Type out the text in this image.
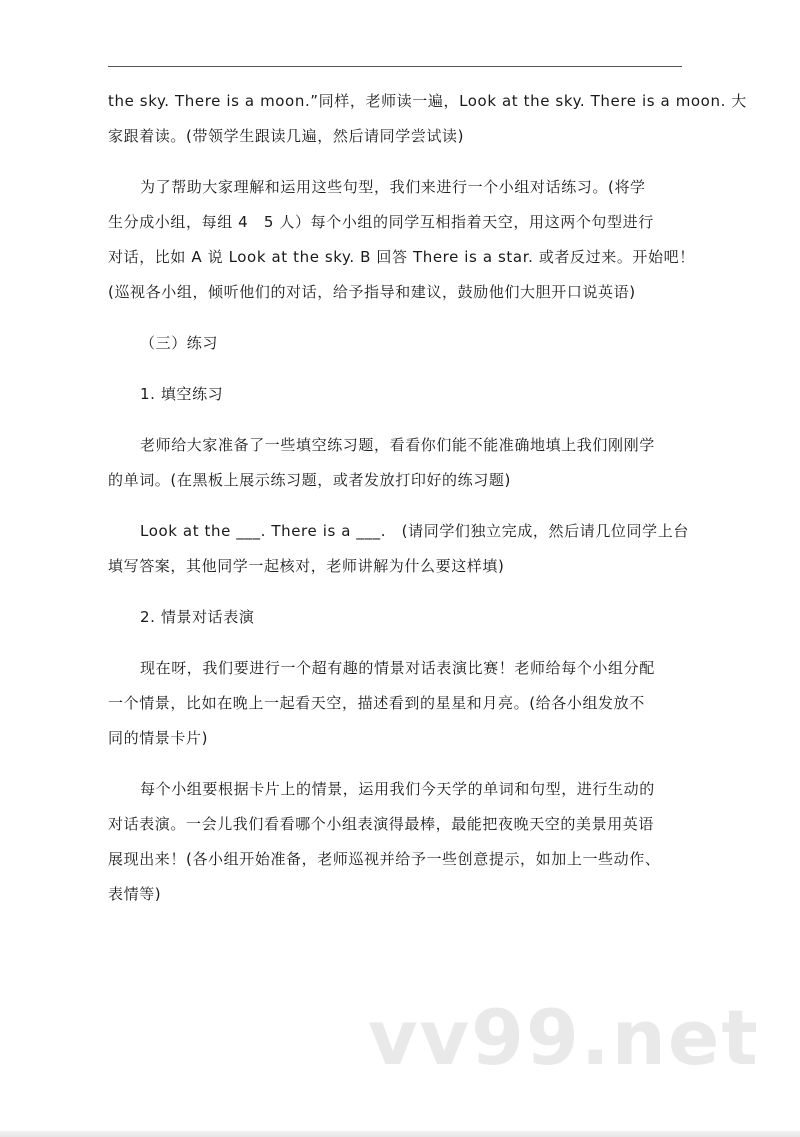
the sky. There is a moon.”同样，老师读一遍，Look at the sky. There is a moon. 大
家跟着读。(带领学生跟读几遍，然后请同学尝试读)

为了帮助大家理解和运用这些句型，我们来进行一个小组对话练习。(将学
生分成小组，每组 4　5 人）每个小组的同学互相指着天空，用这两个句型进行
对话，比如 A 说 Look at the sky. B 回答 There is a star. 或者反过来。开始吧！
(巡视各小组，倾听他们的对话，给予指导和建议，鼓励他们大胆开口说英语)

（三）练习

1. 填空练习

老师给大家准备了一些填空练习题，看看你们能不能准确地填上我们刚刚学
的单词。(在黑板上展示练习题，或者发放打印好的练习题)

Look at the ___. There is a ___.　(请同学们独立完成，然后请几位同学上台
填写答案，其他同学一起核对，老师讲解为什么要这样填)

2. 情景对话表演

现在呀，我们要进行一个超有趣的情景对话表演比赛！老师给每个小组分配
一个情景，比如在晚上一起看天空，描述看到的星星和月亮。(给各小组发放不
同的情景卡片)

每个小组要根据卡片上的情景，运用我们今天学的单词和句型，进行生动的
对话表演。一会儿我们看看哪个小组表演得最棒，最能把夜晚天空的美景用英语
展现出来！(各小组开始准备，老师巡视并给予一些创意提示，如加上一些动作、
表情等)

vv99.net
